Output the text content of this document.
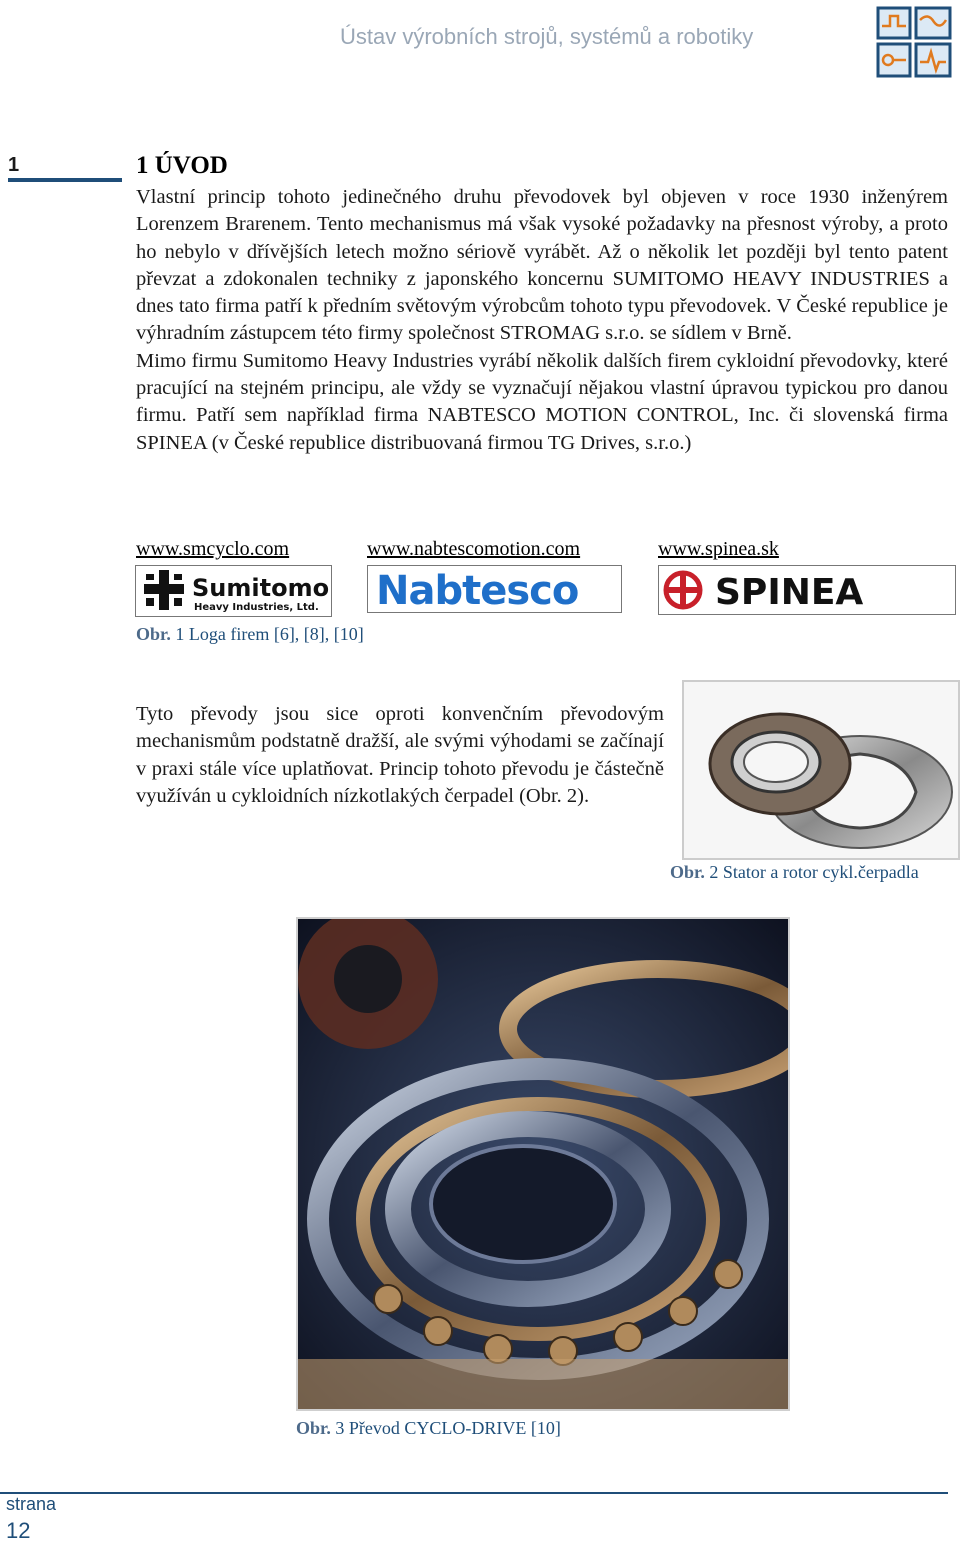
Ústav výrobních strojů, systémů a robotiky
1	1 ÚVOD

Vlastní princip tohoto jedinečného druhu převodovek byl objeven v roce 1930 inženýrem Lorenzem Brarenem. Tento mechanismus má však vysoké požadavky na přesnost výroby, a proto ho nebylo v dřívějších letech možno sériově vyrábět. Až o několik let později byl tento patent převzat a zdokonalen techniky z japonského koncernu SUMITOMO HEAVY INDUSTRIES a dnes tato firma patří k předním světovým výrobcům tohoto typu převodovek. V České republice je výhradním zástupcem této firmy společnost STROMAG s.r.o. se sídlem v Brně.

Mimo firmu Sumitomo Heavy Industries vyrábí několik dalších firem cykloidní převodovky, které pracující na stejném principu, ale vždy se vyznačují nějakou vlastní úpravou typickou pro danou firmu. Patří sem například firma NABTESCO MOTION CONTROL, Inc. či slovenská firma SPINEA (v České republice distribuovaná firmou TG Drives, s.r.o.)

www.smcyclo.com	www.nabtescomotion.com	www.spinea.sk
Sumitomo
Heavy Industries, Ltd. Nabtesco	SPINEA
Obr. 1 Loga firem [6], [8], [10]

Tyto převody jsou sice oproti konvenčním převodovým mechanismům podstatně dražší, ale svými výhodami se začínají v praxi stále více uplatňovat. Princip tohoto převodu je částečně využíván u cykloidních nízkotlakých čerpadel (Obr. 2).

Obr. 2 Stator a rotor cykl.čerpadla
Obr. 3 Převod CYCLO-DRIVE [10]
strana
12
